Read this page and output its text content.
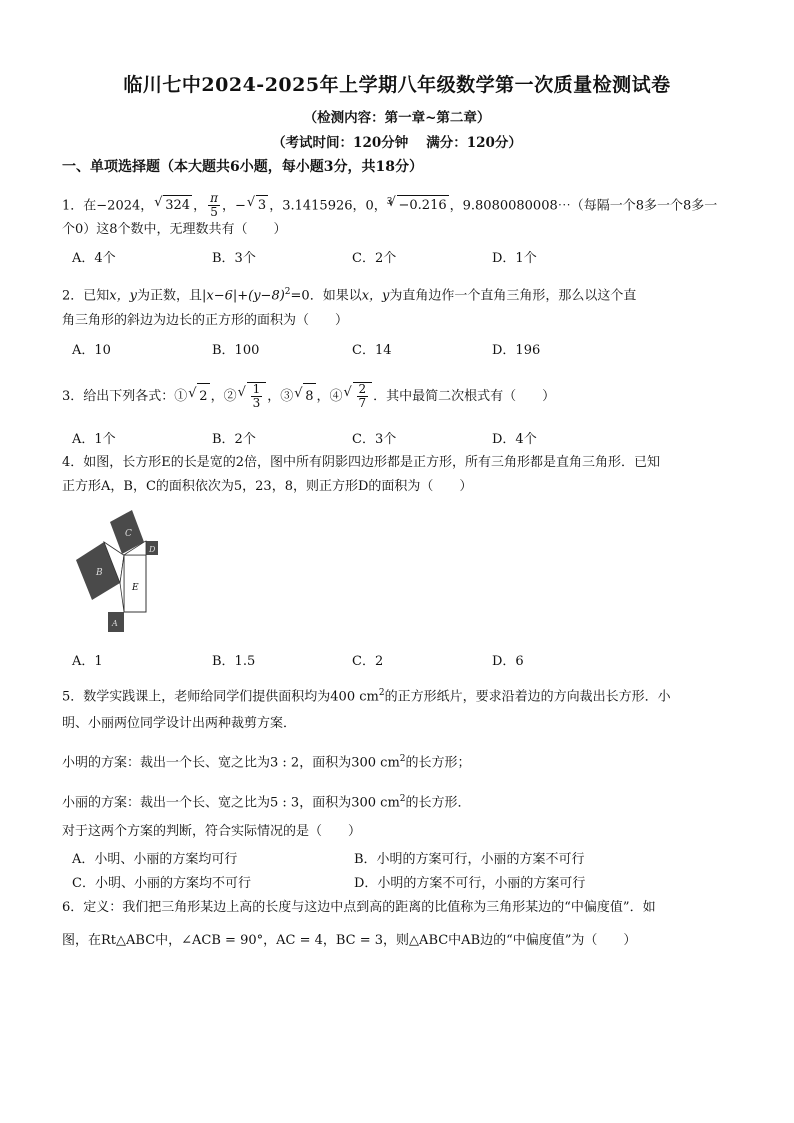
临川七中2024-2025年上学期八年级数学第一次质量检测试卷
（检测内容：第一章~第二章）
（考试时间：120分钟 满分：120分）
一、单项选择题（本大题共6小题，每小题3分，共18分）
1．在−2024， √ 324 ， $\frac{\pi}{5}$ ，− √ 3 ，3.1415926，0，$^3$ √ −0.216 ，9.8080080008⋯（每隔一个8多一个8多一
个0）这8个数中，无理数共有（　　）
A．4个	B．3个	C．2个	D．1个
2．已知x，y为正数，且$|x-6|+(y-8)^2=0$．如果以x，y为直角边作一个直角三角形，那么以这个直
角三角形的斜边为边长的正方形的面积为（　　）
A．10	B．100	C．14	D．196
3．给出下列各式：① √ 2 ，② √ $\frac{1}{3}$ ，③ √ 8 ，④ √ $\frac{2}{7}$ ．其中最简二次根式有（　　）
A．1个	B．2个	C．3个	D．4个
4．如图，长方形E的长是宽的2倍，图中所有阴影四边形都是正方形，所有三角形都是直角三角形．已知
正方形A，B，C的面积依次为5，23，8，则正方形D的面积为（　　）
B
C
D
A
E
A．1	B．1.5	C．2	D．6
5．数学实践课上，老师给同学们提供面积均为400 $cm^2$的正方形纸片，要求沿着边的方向裁出长方形．小
明、小丽两位同学设计出两种裁剪方案．
小明的方案：裁出一个长、宽之比为3 : 2，面积为300 $cm^2$的长方形；
小丽的方案：裁出一个长、宽之比为5 : 3，面积为300 $cm^2$的长方形．
对于这两个方案的判断，符合实际情况的是（　　）
A．小明、小丽的方案均可行	B．小明的方案可行，小丽的方案不可行
C．小明、小丽的方案均不可行	D．小明的方案不可行，小丽的方案可行
6．定义：我们把三角形某边上高的长度与这边中点到高的距离的比值称为三角形某边的“中偏度值”．如
图，在Rt△ABC中，∠ACB = 90°，AC = 4，BC = 3，则△ABC中AB边的“中偏度值”为（　　）
